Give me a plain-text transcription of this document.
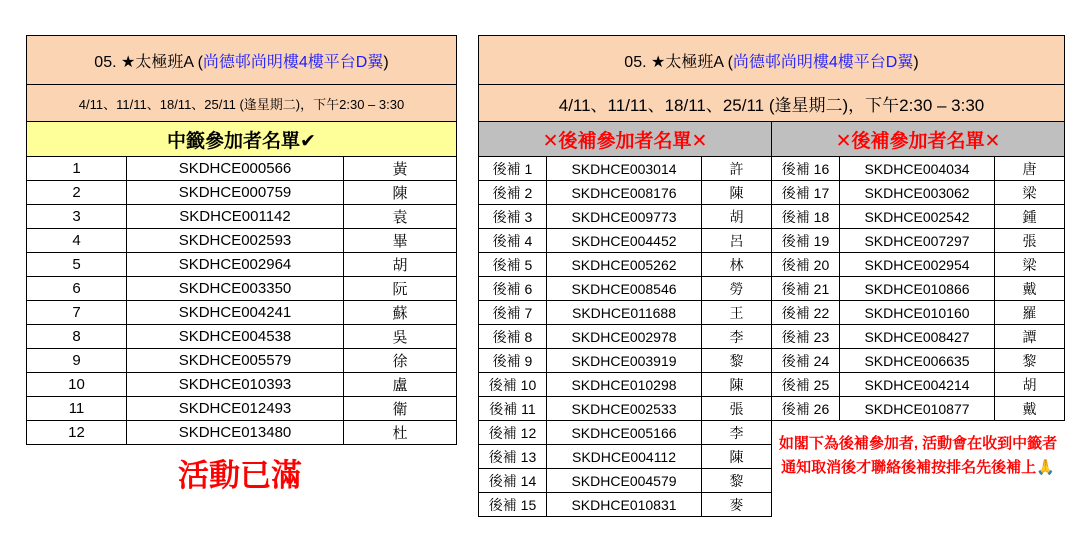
05. ★太極班A (尚德邨尚明樓4樓平台D翼)		
4/11、11/11、18/11、25/11 (逢星期二)，下午2:30 – 3:30		
中籤參加者名單✔		
1	SKDHCE000566	黃
2	SKDHCE000759	陳
3	SKDHCE001142	袁
4	SKDHCE002593	畢
5	SKDHCE002964	胡
6	SKDHCE003350	阮
7	SKDHCE004241	蘇
8	SKDHCE004538	吳
9	SKDHCE005579	徐
10	SKDHCE010393	盧
11	SKDHCE012493	衛
12	SKDHCE013480	杜
活動已滿
05. ★太極班A (尚德邨尚明樓4樓平台D翼)					
4/11、11/11、18/11、25/11 (逢星期二)，下午2:30 – 3:30					
✕後補參加者名單✕			✕後補參加者名單✕		
後補 1	SKDHCE003014	許	後補 16	SKDHCE004034	唐
後補 2	SKDHCE008176	陳	後補 17	SKDHCE003062	梁
後補 3	SKDHCE009773	胡	後補 18	SKDHCE002542	鍾
後補 4	SKDHCE004452	呂	後補 19	SKDHCE007297	張
後補 5	SKDHCE005262	林	後補 20	SKDHCE002954	梁
後補 6	SKDHCE008546	勞	後補 21	SKDHCE010866	戴
後補 7	SKDHCE011688	王	後補 22	SKDHCE010160	羅
後補 8	SKDHCE002978	李	後補 23	SKDHCE008427	譚
後補 9	SKDHCE003919	黎	後補 24	SKDHCE006635	黎
後補 10	SKDHCE010298	陳	後補 25	SKDHCE004214	胡
後補 11	SKDHCE002533	張	後補 26	SKDHCE010877	戴
後補 12	SKDHCE005166	李			
後補 13	SKDHCE004112	陳			
後補 14	SKDHCE004579	黎			
後補 15	SKDHCE010831	麥			
如閣下為後補參加者, 活動會在收到中籤者通知取消後才聯絡後補按排名先後補上🙏
